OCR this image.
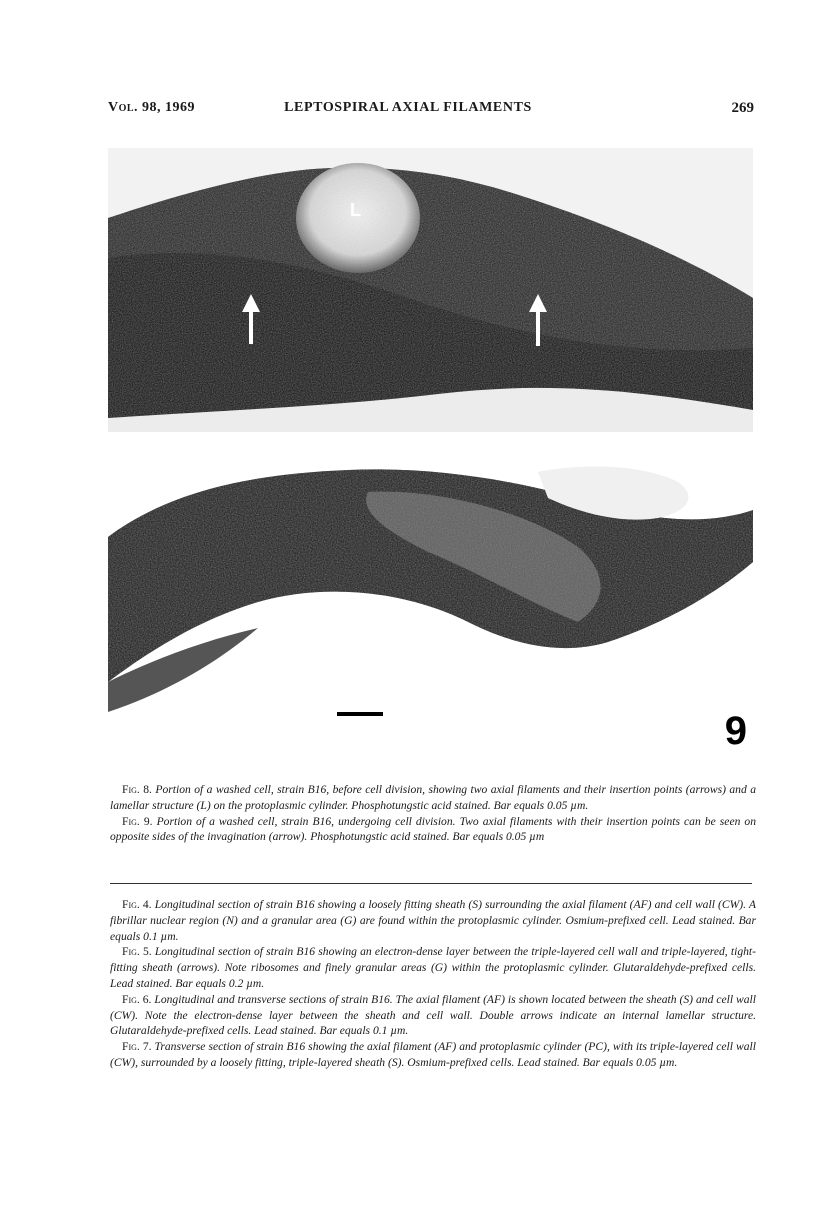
Vol. 98, 1969	LEPTOSPIRAL AXIAL FILAMENTS	269
L
9

Fig. 8. Portion of a washed cell, strain B16, before cell division, showing two axial filaments and their insertion points (arrows) and a lamellar structure (L) on the protoplasmic cylinder. Phosphotungstic acid stained. Bar equals 0.05 µm.

Fig. 9. Portion of a washed cell, strain B16, undergoing cell division. Two axial filaments with their insertion points can be seen on opposite sides of the invagination (arrow). Phosphotungstic acid stained. Bar equals 0.05 µm

Fig. 4. Longitudinal section of strain B16 showing a loosely fitting sheath (S) surrounding the axial filament (AF) and cell wall (CW). A fibrillar nuclear region (N) and a granular area (G) are found within the protoplasmic cylinder. Osmium-prefixed cell. Lead stained. Bar equals 0.1 µm.

Fig. 5. Longitudinal section of strain B16 showing an electron-dense layer between the triple-layered cell wall and triple-layered, tight-fitting sheath (arrows). Note ribosomes and finely granular areas (G) within the protoplasmic cylinder. Glutaraldehyde-prefixed cells. Lead stained. Bar equals 0.2 µm.

Fig. 6. Longitudinal and transverse sections of strain B16. The axial filament (AF) is shown located between the sheath (S) and cell wall (CW). Note the electron-dense layer between the sheath and cell wall. Double arrows indicate an internal lamellar structure. Glutaraldehyde-prefixed cells. Lead stained. Bar equals 0.1 µm.

Fig. 7. Transverse section of strain B16 showing the axial filament (AF) and protoplasmic cylinder (PC), with its triple-layered cell wall (CW), surrounded by a loosely fitting, triple-layered sheath (S). Osmium-prefixed cells. Lead stained. Bar equals 0.05 µm.
